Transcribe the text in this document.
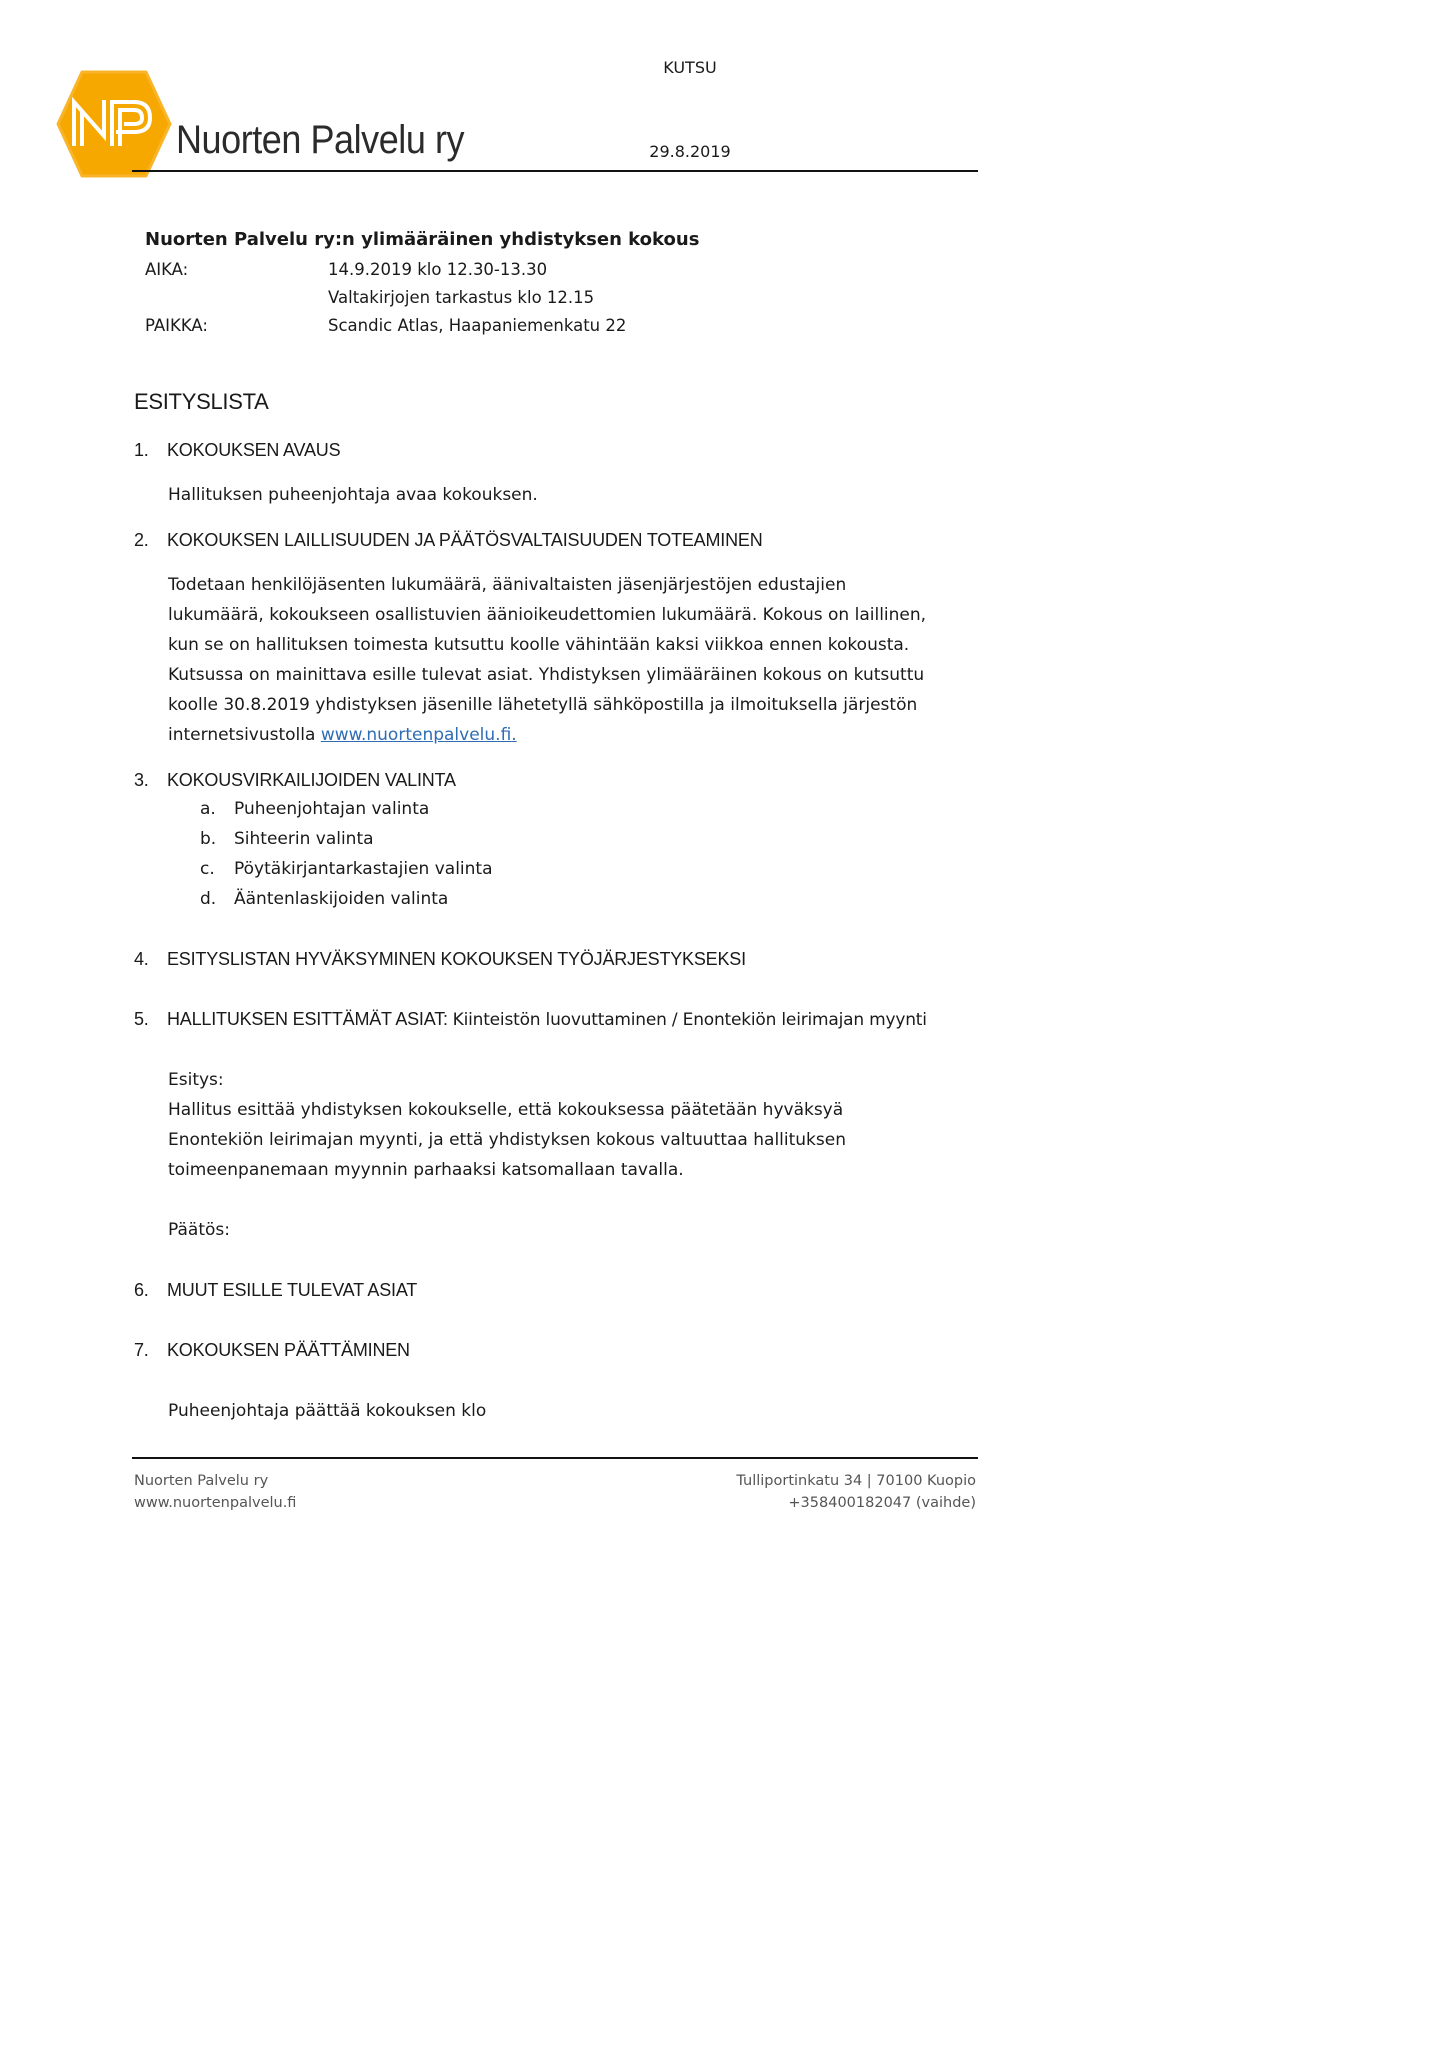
KUTSU
Nuorten Palvelu ry	29.8.2019
Nuorten Palvelu ry:n ylimääräinen yhdistyksen kokous
AIKA:	14.9.2019 klo 12.30-13.30
Valtakirjojen tarkastus klo 12.15
PAIKKA:	Scandic Atlas, Haapaniemenkatu 22
ESITYSLISTA
1. KOKOUKSEN AVAUS
Hallituksen puheenjohtaja avaa kokouksen.
2. KOKOUKSEN LAILLISUUDEN JA PÄÄTÖSVALTAISUUDEN TOTEAMINEN
Todetaan henkilöjäsenten lukumäärä, äänivaltaisten jäsenjärjestöjen edustajien
lukumäärä, kokoukseen osallistuvien äänioikeudettomien lukumäärä. Kokous on laillinen,
kun se on hallituksen toimesta kutsuttu koolle vähintään kaksi viikkoa ennen kokousta.
Kutsussa on mainittava esille tulevat asiat. Yhdistyksen ylimääräinen kokous on kutsuttu
koolle 30.8.2019 yhdistyksen jäsenille lähetetyllä sähköpostilla ja ilmoituksella järjestön
internetsivustolla www.nuortenpalvelu.fi.
3. KOKOUSVIRKAILIJOIDEN VALINTA
a. Puheenjohtajan valinta
b. Sihteerin valinta
c. Pöytäkirjantarkastajien valinta
d. Ääntenlaskijoiden valinta
4. ESITYSLISTAN HYVÄKSYMINEN KOKOUKSEN TYÖJÄRJESTYKSEKSI
5. HALLITUKSEN ESITTÄMÄT ASIAT: Kiinteistön luovuttaminen / Enontekiön leirimajan myynti
Esitys:
Hallitus esittää yhdistyksen kokoukselle, että kokouksessa päätetään hyväksyä
Enontekiön leirimajan myynti, ja että yhdistyksen kokous valtuuttaa hallituksen
toimeenpanemaan myynnin parhaaksi katsomallaan tavalla.
Päätös:
6. MUUT ESILLE TULEVAT ASIAT
7. KOKOUKSEN PÄÄTTÄMINEN
Puheenjohtaja päättää kokouksen klo
Nuorten Palvelu ry
www.nuortenpalvelu.fi
Tulliportinkatu 34 | 70100 Kuopio
+358400182047 (vaihde)
